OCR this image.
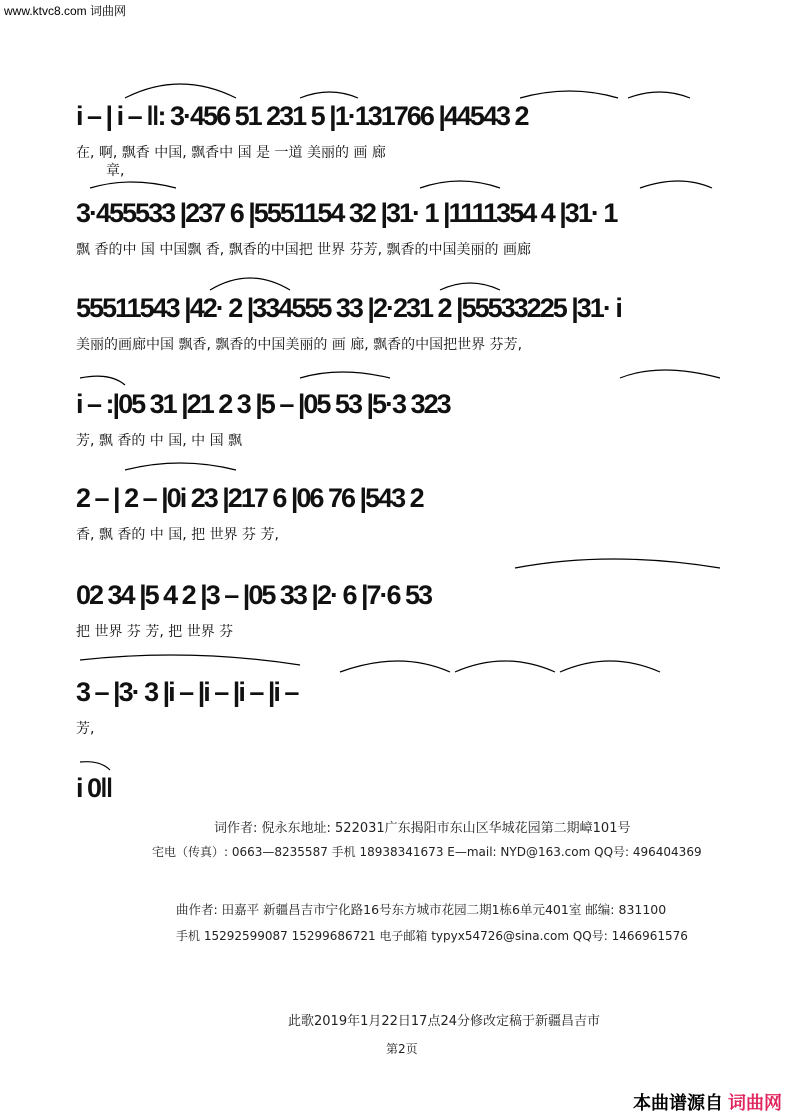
www.ktvc8.com 词曲网
i – | i – ‖: 3·456 51 231 5 |1·131766 |44543 2
在, 啊, 飘香 中国, 飘香中 国 是 一道 美丽的 画 廊
章,
3·455533 |237 6 |5551154 32 |31· 1 |1111354 4 |31· 1
飘 香的中 国 中国飘 香, 飘香的中国把 世界 芬芳, 飘香的中国美丽的 画廊
55511543 |42· 2 |334555 33 |2·231 2 |55533225 |31· i
美丽的画廊中国 飘香, 飘香的中国美丽的 画 廊, 飘香的中国把世界 芬芳,
i – :|05 31 |21 2 3 |5 – |05 53 |5·3 323
芳, 飘 香的 中 国, 中 国 飘
2 – | 2 – |0i 23 |217 6 |06 76 |543 2
香, 飘 香的 中 国, 把 世界 芬 芳,
02 34 |5 4 2 |3 – |05 33 |2· 6 |7·6 53
把 世界 芬 芳, 把 世界 芬
3 – |3· 3 |i – |i – |i – |i –
芳,
i 0‖
词作者: 倪永东地址: 522031广东揭阳市东山区华城花园第二期嶂101号
宅电（传真）: 0663—8235587 手机 18938341673 E—mail: NYD@163.com QQ号: 496404369
曲作者: 田嘉平 新疆昌吉市宁化路16号东方城市花园二期1栋6单元401室 邮编: 831100
手机 15292599087 15299686721 电子邮箱 typyx54726@sina.com QQ号: 1466961576
此歌2019年1月22日17点24分修改定稿于新疆昌吉市
第2页
本曲谱源自 词曲网
